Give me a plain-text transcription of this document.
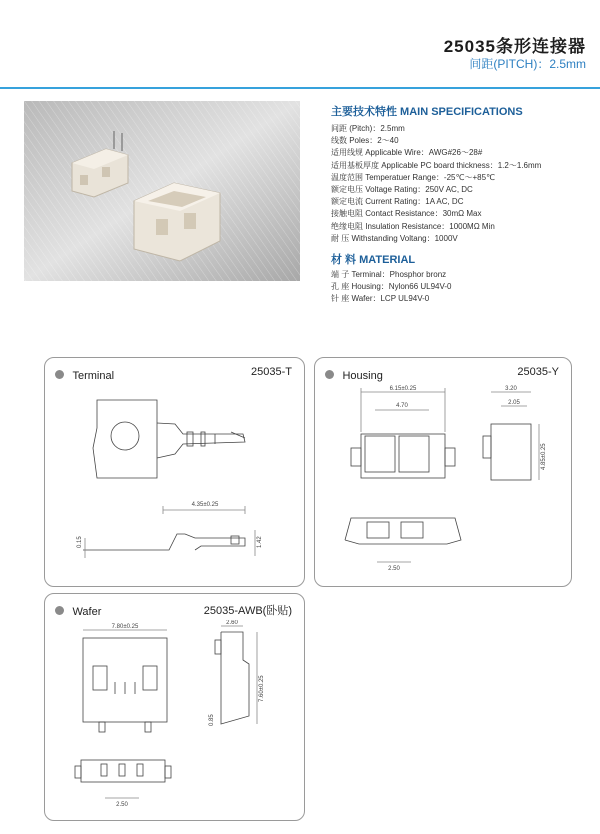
25035条形连接器
间距(PITCH)：2.5mm
主要技术特性 MAIN SPECIFICATIONS
间距 (Pitch)：2.5mm
线数 Poles：2～40
适用线规 Applicable Wire：AWG#26～28#
适用基板厚度 Applicable PC board thickness：1.2～1.6mm
温度范围 Temperatuer Range：-25℃～+85℃
额定电压 Voltage Rating：250V AC, DC
额定电流 Current Rating：1A AC, DC
接触电阻 Contact Resistance：30mΩ Max
绝缘电阻 Insulation Resistance：1000MΩ Min
耐 压 Withstanding Voltang：1000V
材 料 MATERIAL
端 子 Terminal：Phosphor bronz
孔 座 Housing：Nylon66 UL94V-0
针 座 Wafer：LCP UL94V-0
Terminal	25035-T
4.35±0.25
0.15	1.42
Housing	25035-Y
6.15±0.25
4.70
3.20
2.05
4.85±0.25
2.50
Wafer	25035-AWB(卧贴)
7.80±0.25
2.60
7.60±0.25
0.85
2.50
